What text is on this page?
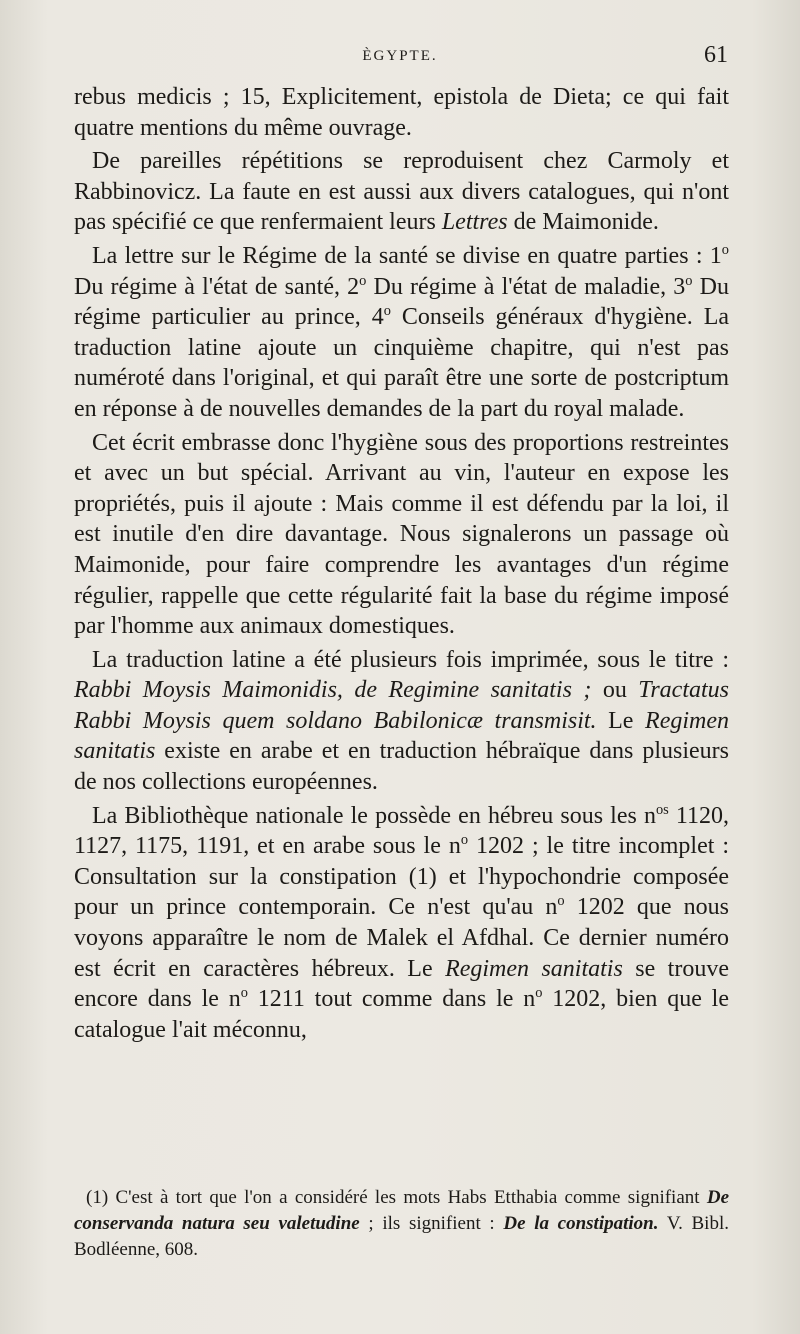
ÈGYPTE.	61

rebus medicis ; 15, Explicitement, epistola de Dieta; ce qui fait quatre mentions du même ouvrage.

De pareilles répétitions se reproduisent chez Carmoly et Rabbinovicz. La faute en est aussi aux divers catalogues, qui n'ont pas spécifié ce que renfermaient leurs Lettres de Maimonide.

La lettre sur le Régime de la santé se divise en quatre parties : 1$^o$ Du régime à l'état de santé, 2$^o$ Du régime à l'état de maladie, 3$^o$ Du régime particulier au prince, 4$^o$ Conseils généraux d'hygiène. La traduction latine ajoute un cinquième chapitre, qui n'est pas numéroté dans l'original, et qui paraît être une sorte de postcriptum en réponse à de nouvelles demandes de la part du royal malade.

Cet écrit embrasse donc l'hygiène sous des proportions restreintes et avec un but spécial. Arrivant au vin, l'auteur en expose les propriétés, puis il ajoute : Mais comme il est défendu par la loi, il est inutile d'en dire davantage. Nous signalerons un passage où Maimonide, pour faire comprendre les avantages d'un régime régulier, rappelle que cette régularité fait la base du régime imposé par l'homme aux animaux domestiques.

La traduction latine a été plusieurs fois imprimée, sous le titre : Rabbi Moysis Maimonidis, de Regimine sanitatis ; ou Tractatus Rabbi Moysis quem soldano Babilonicæ transmisit. Le Regimen sanitatis existe en arabe et en traduction hébraïque dans plusieurs de nos collections européennes.

La Bibliothèque nationale le possède en hébreu sous les $n^{os}$ 1120, 1127, 1175, 1191, et en arabe sous le $n^o$ 1202 ; le titre incomplet : Consultation sur la constipation (1) et l'hypochondrie composée pour un prince contemporain. Ce n'est qu'au $n^o$ 1202 que nous voyons apparaître le nom de Malek el Afdhal. Ce dernier numéro est écrit en caractères hébreux. Le Regimen sanitatis se trouve encore dans le $n^o$ 1211 tout comme dans le $n^o$ 1202, bien que le catalogue l'ait méconnu,

(1) C'est à tort que l'on a considéré les mots Habs Etthabia comme signifiant De conservanda natura seu valetudine ; ils signifient : De la constipation. V. Bibl. Bodléenne, 608.
